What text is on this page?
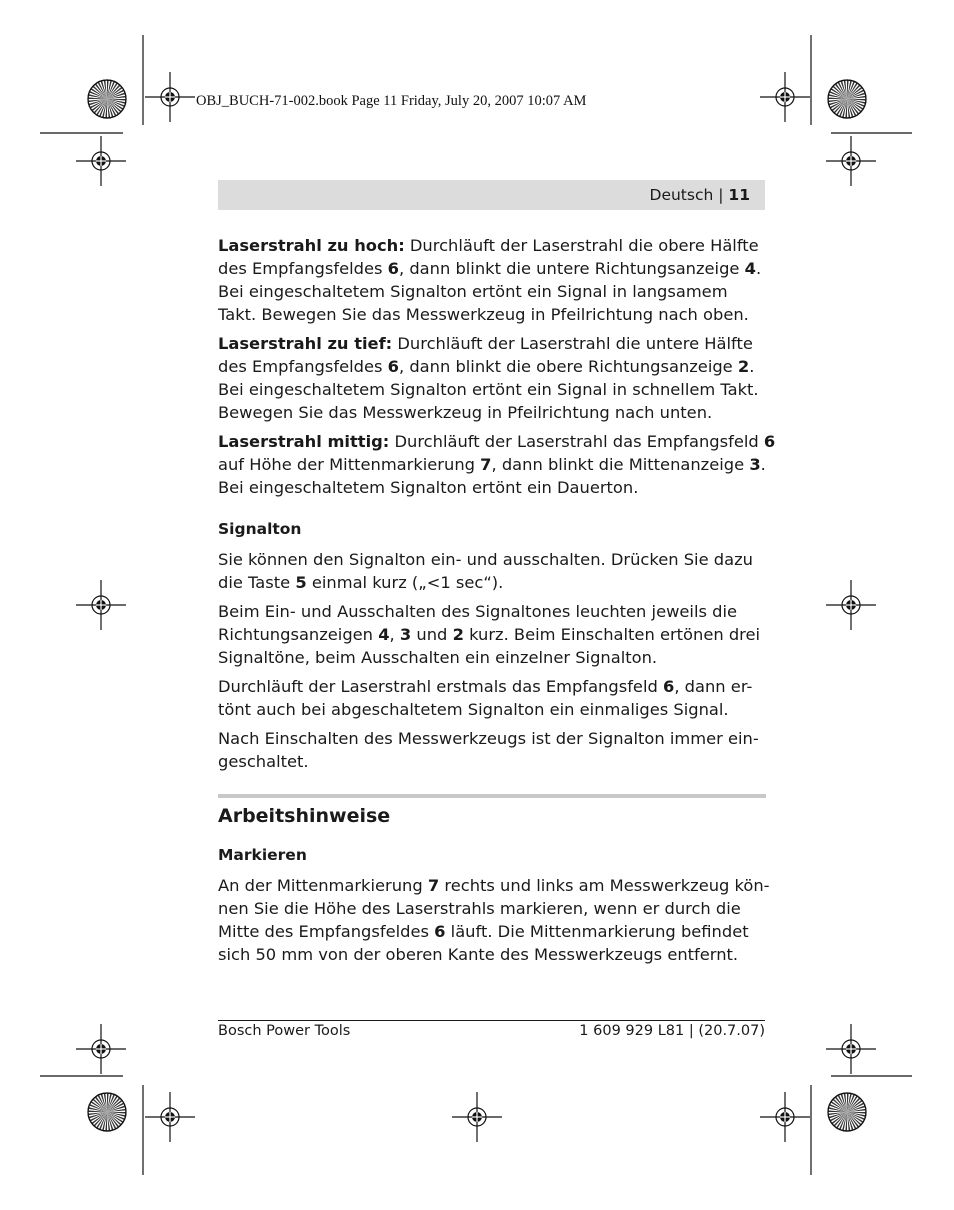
OBJ_BUCH-71-002.book Page 11 Friday, July 20, 2007 10:07 AM
Deutsch | 11

Laserstrahl zu hoch: Durchläuft der Laserstrahl die obere Hälfte
des Empfangsfeldes 6, dann blinkt die untere Richtungsanzeige 4.
Bei eingeschaltetem Signalton ertönt ein Signal in langsamem
Takt. Bewegen Sie das Messwerkzeug in Pfeilrichtung nach oben.

Laserstrahl zu tief: Durchläuft der Laserstrahl die untere Hälfte
des Empfangsfeldes 6, dann blinkt die obere Richtungsanzeige 2.
Bei eingeschaltetem Signalton ertönt ein Signal in schnellem Takt.
Bewegen Sie das Messwerkzeug in Pfeilrichtung nach unten.

Laserstrahl mittig: Durchläuft der Laserstrahl das Empfangsfeld 6
auf Höhe der Mittenmarkierung 7, dann blinkt die Mittenanzeige 3.
Bei eingeschaltetem Signalton ertönt ein Dauerton.

Signalton

Sie können den Signalton ein- und ausschalten. Drücken Sie dazu
die Taste 5 einmal kurz („<1 sec“).

Beim Ein- und Ausschalten des Signaltones leuchten jeweils die
Richtungsanzeigen 4, 3 und 2 kurz. Beim Einschalten ertönen drei
Signaltöne, beim Ausschalten ein einzelner Signalton.

Durchläuft der Laserstrahl erstmals das Empfangsfeld 6, dann er-
tönt auch bei abgeschaltetem Signalton ein einmaliges Signal.

Nach Einschalten des Messwerkzeugs ist der Signalton immer ein-
geschaltet.

Arbeitshinweise
Markieren

An der Mittenmarkierung 7 rechts und links am Messwerkzeug kön-
nen Sie die Höhe des Laserstrahls markieren, wenn er durch die
Mitte des Empfangsfeldes 6 läuft. Die Mittenmarkierung befindet
sich 50 mm von der oberen Kante des Messwerkzeugs entfernt.

Bosch Power Tools	1 609 929 L81 | (20.7.07)
